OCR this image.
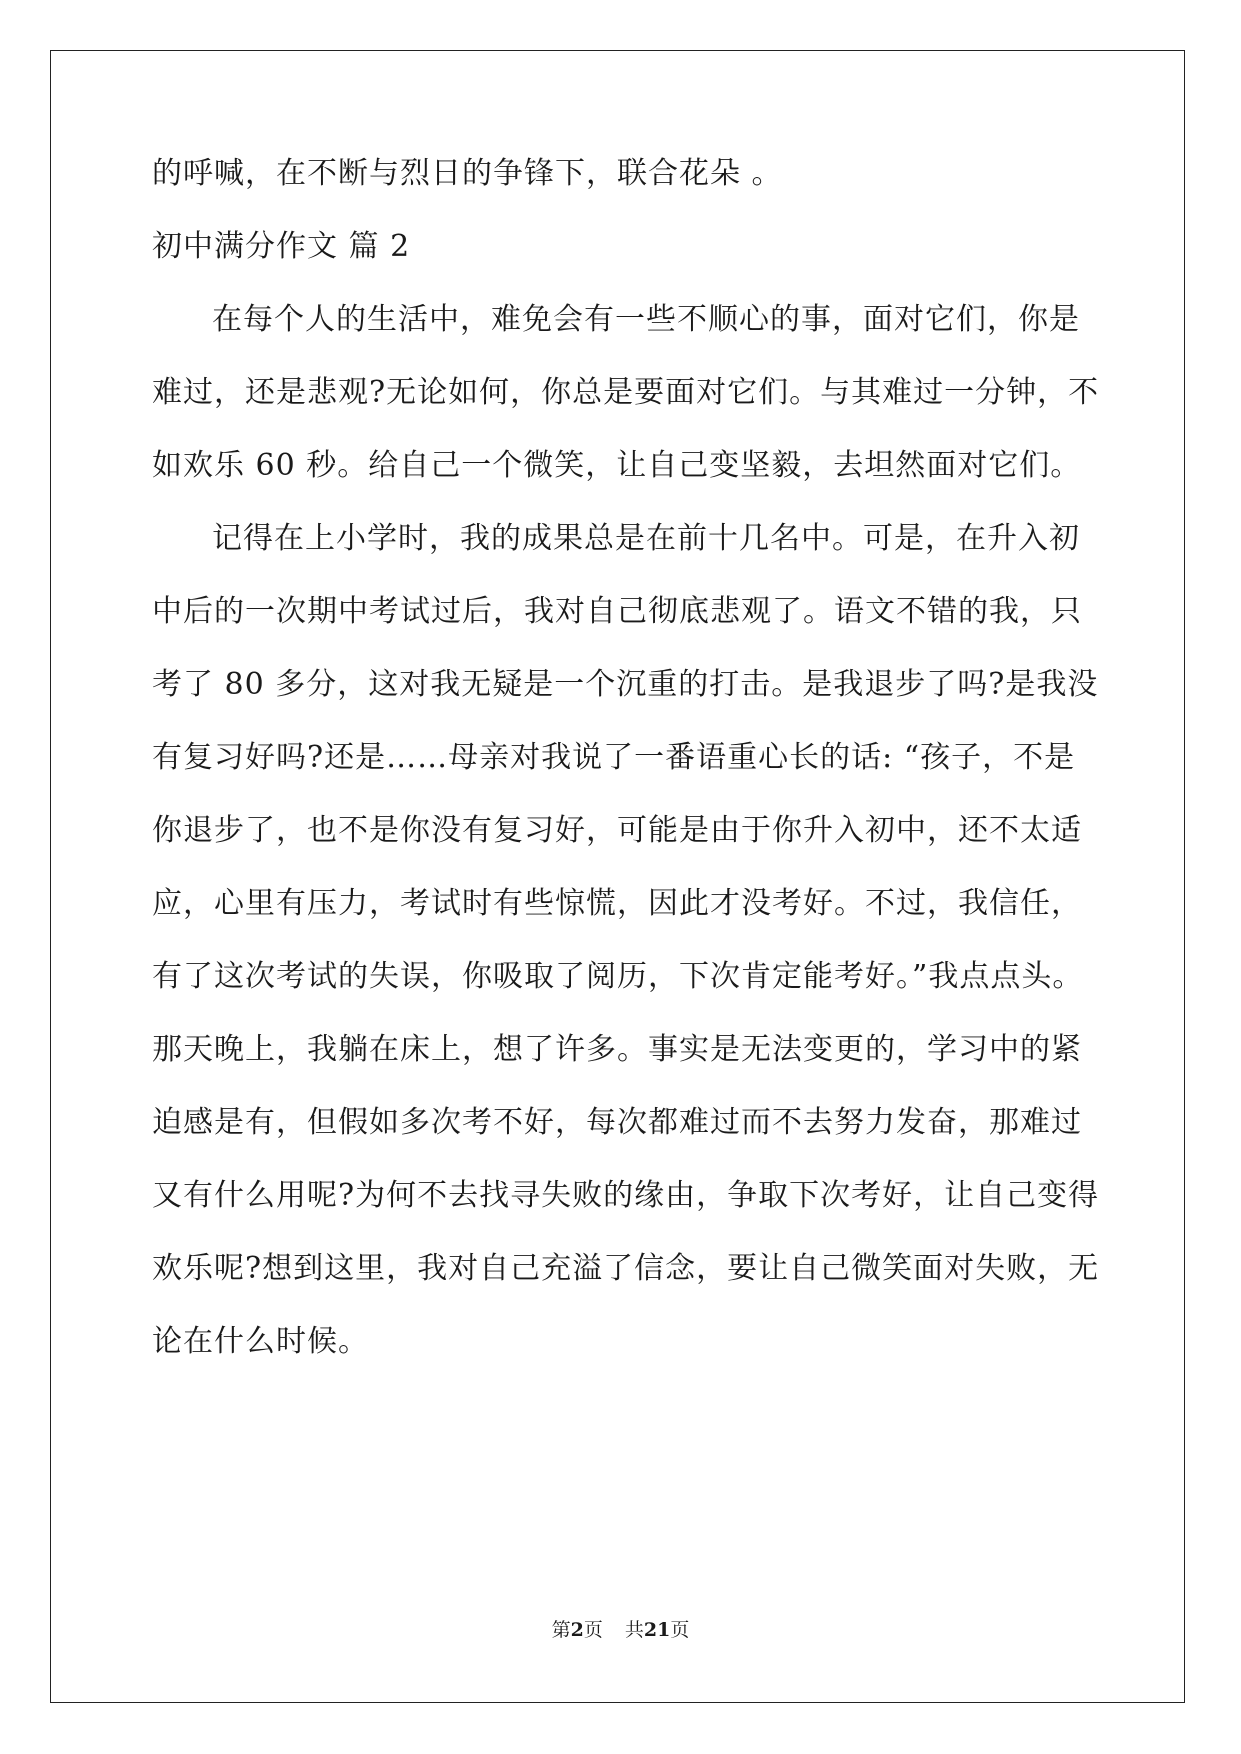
的呼喊，在不断与烈日的争锋下，联合花朵 。
初中满分作文 篇 2
在每个人的生活中，难免会有一些不顺心的事，面对它们，你是
难过，还是悲观?无论如何，你总是要面对它们。与其难过一分钟，不
如欢乐 60 秒。给自己一个微笑，让自己变坚毅，去坦然面对它们。
记得在上小学时，我的成果总是在前十几名中。可是，在升入初
中后的一次期中考试过后，我对自己彻底悲观了。语文不错的我，只
考了 80 多分，这对我无疑是一个沉重的打击。是我退步了吗?是我没
有复习好吗?还是……母亲对我说了一番语重心长的话: “孩子，不是
你退步了，也不是你没有复习好，可能是由于你升入初中，还不太适
应，心里有压力，考试时有些惊慌，因此才没考好。不过，我信任，
有了这次考试的失误，你吸取了阅历，下次肯定能考好。”我点点头。
那天晚上，我躺在床上，想了许多。事实是无法变更的，学习中的紧
迫感是有，但假如多次考不好，每次都难过而不去努力发奋，那难过
又有什么用呢?为何不去找寻失败的缘由，争取下次考好，让自己变得
欢乐呢?想到这里，我对自己充溢了信念，要让自己微笑面对失败，无
论在什么时候。
第2页 共21页
